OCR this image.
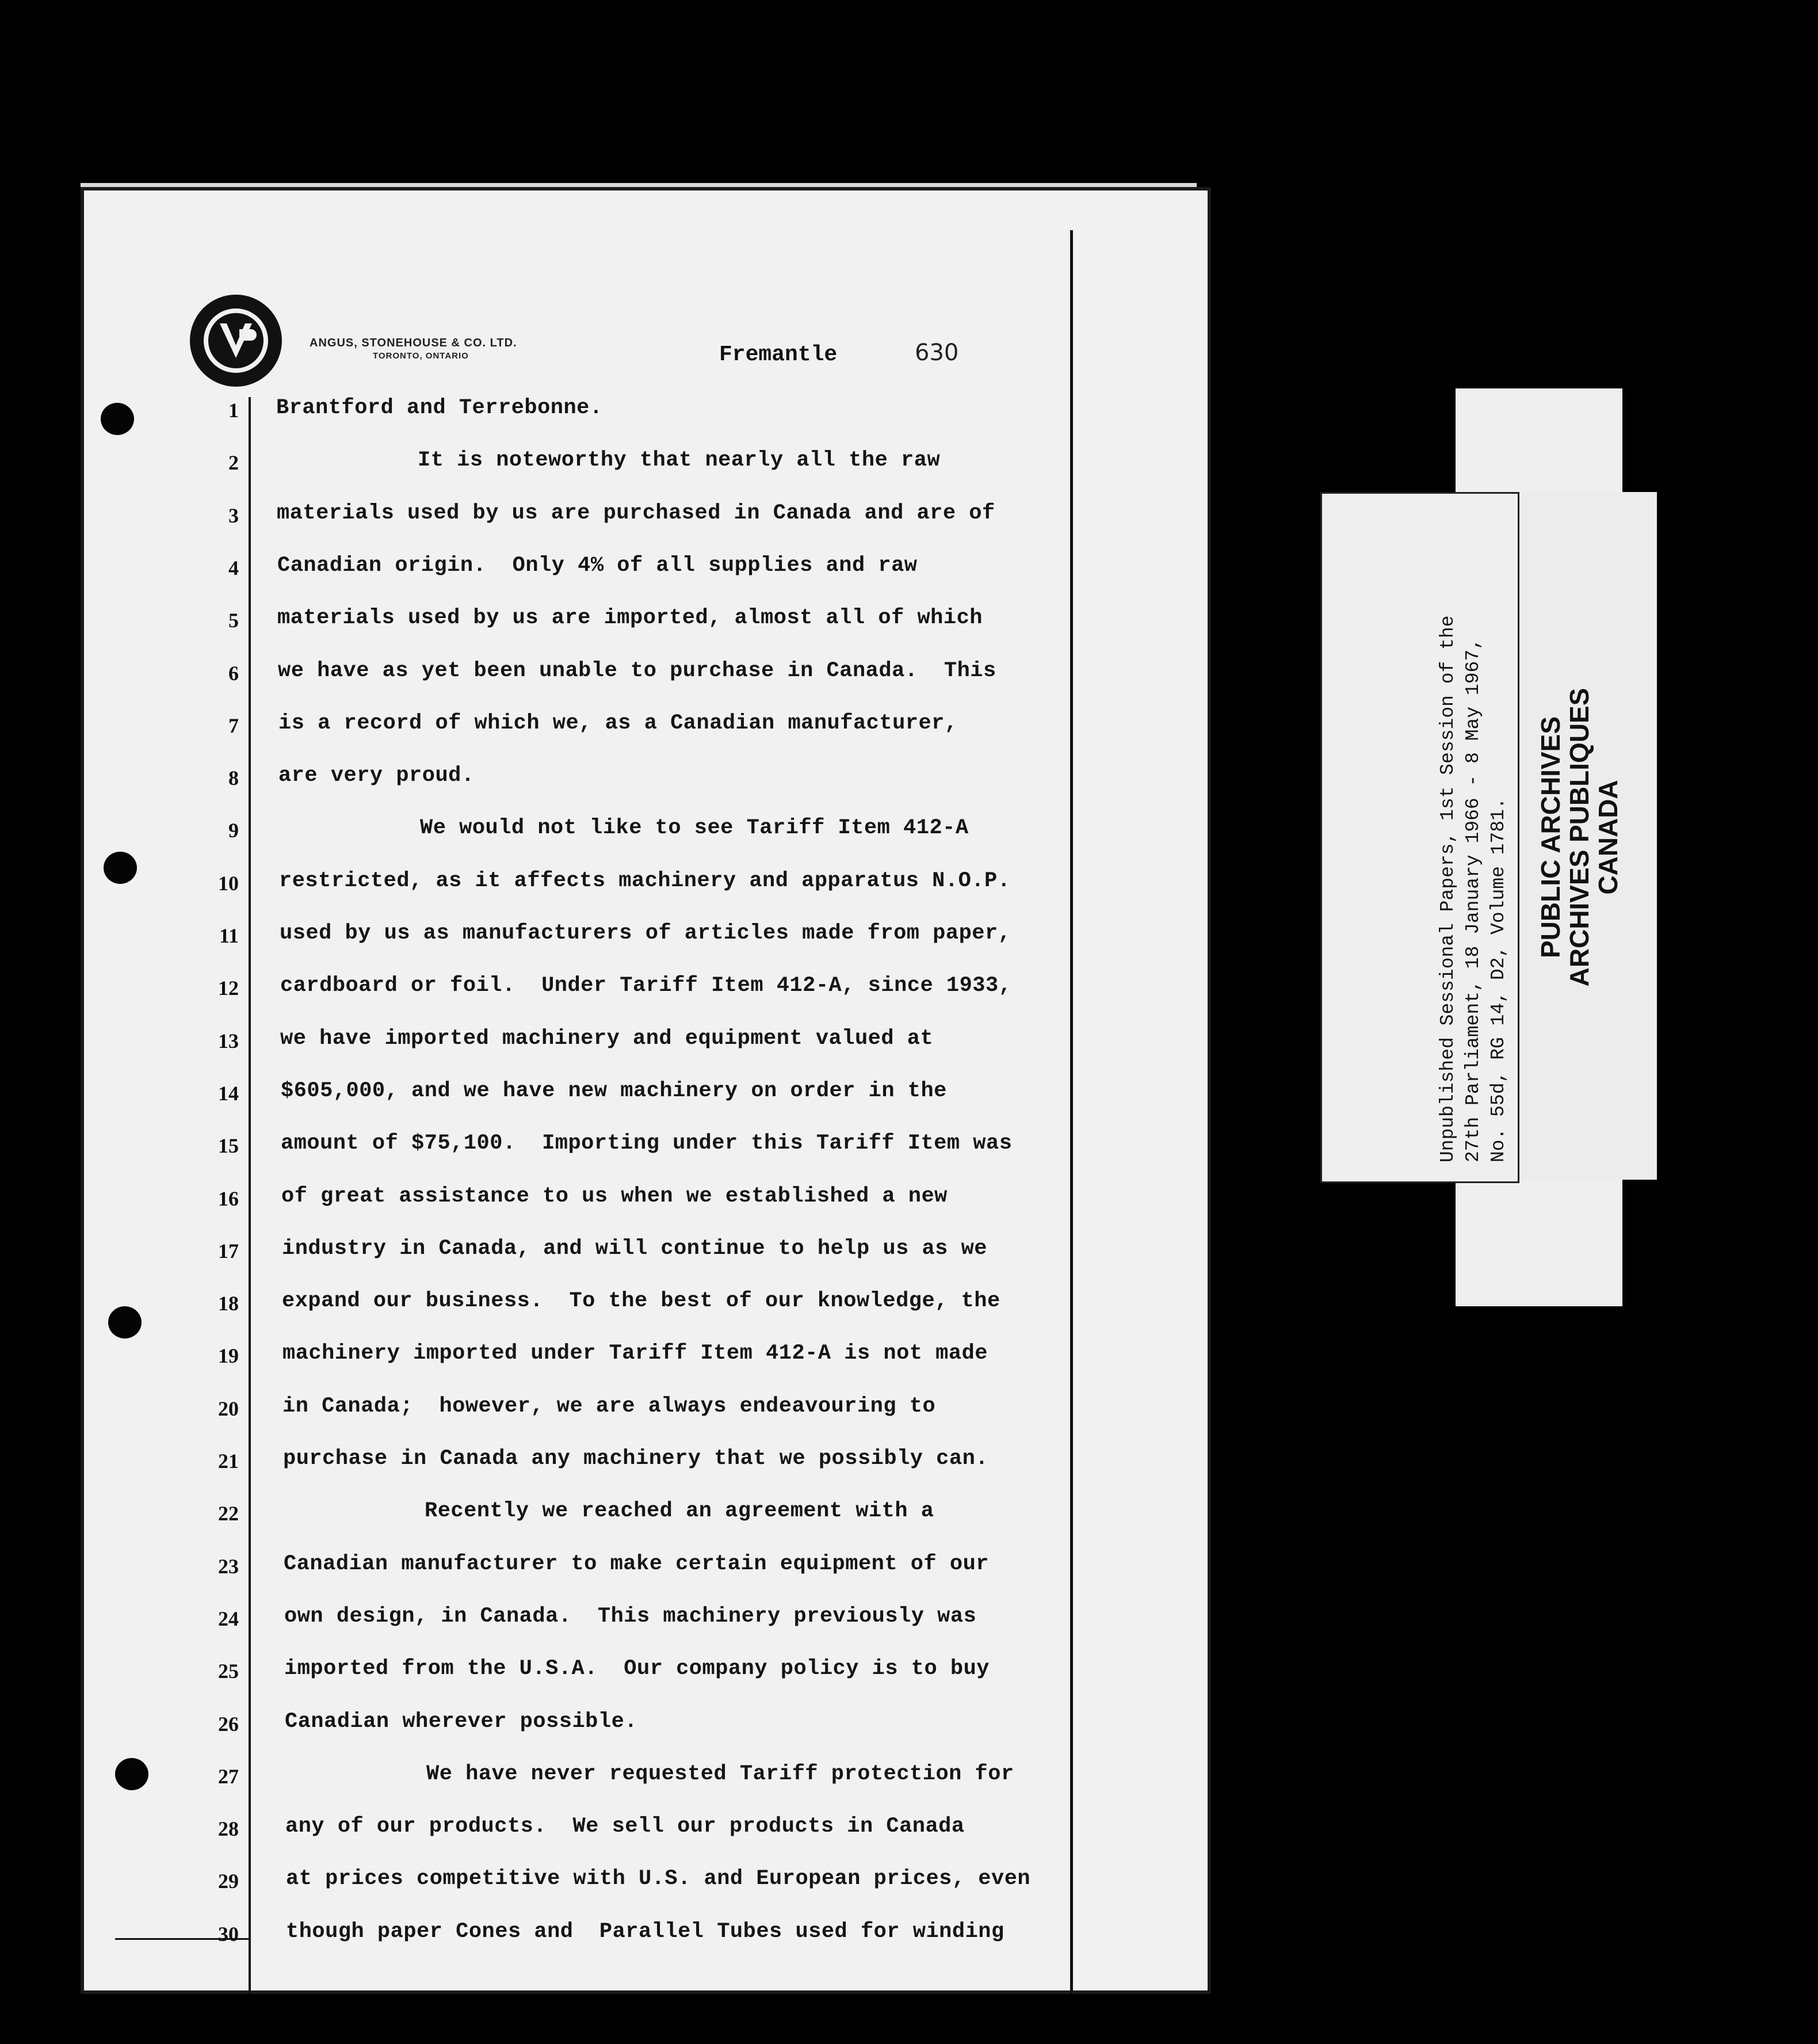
ANGUS, STONEHOUSE & CO. LTD.
TORONTO, ONTARIO	Fremantle	630
1 Brantford and Terrebonne.
2	It is noteworthy that nearly all the raw
3 materials used by us are purchased in Canada and are of
4 Canadian origin.  Only 4% of all supplies and raw
5 materials used by us are imported, almost all of which
6 we have as yet been unable to purchase in Canada.  This
7 is a record of which we, as a Canadian manufacturer,
8 are very proud.
9	We would not like to see Tariff Item 412-A
10 restricted, as it affects machinery and apparatus N.O.P.
11 used by us as manufacturers of articles made from paper,
12 cardboard or foil.  Under Tariff Item 412-A, since 1933,
13 we have imported machinery and equipment valued at
14 $605,000, and we have new machinery on order in the
15 amount of $75,100.  Importing under this Tariff Item was
16 of great assistance to us when we established a new
17 industry in Canada, and will continue to help us as we
18 expand our business.  To the best of our knowledge, the
19 machinery imported under Tariff Item 412-A is not made
20 in Canada;  however, we are always endeavouring to
21 purchase in Canada any machinery that we possibly can.
22	Recently we reached an agreement with a
23 Canadian manufacturer to make certain equipment of our
24 own design, in Canada.  This machinery previously was
25 imported from the U.S.A.  Our company policy is to buy
26 Canadian wherever possible.
27	We have never requested Tariff protection for
28 any of our products.  We sell our products in Canada
29 at prices competitive with U.S. and European prices, even
30 though paper Cones and  Parallel Tubes used for winding
Unpublished Sessional Papers, 1st Session of the 27th Parliament, 18 January 1966 - 8 May 1967, No. 55d, RG 14, D2, Volume 1781. PUBLIC ARCHIVES
ARCHIVES PUBLIQUES
CANADA
